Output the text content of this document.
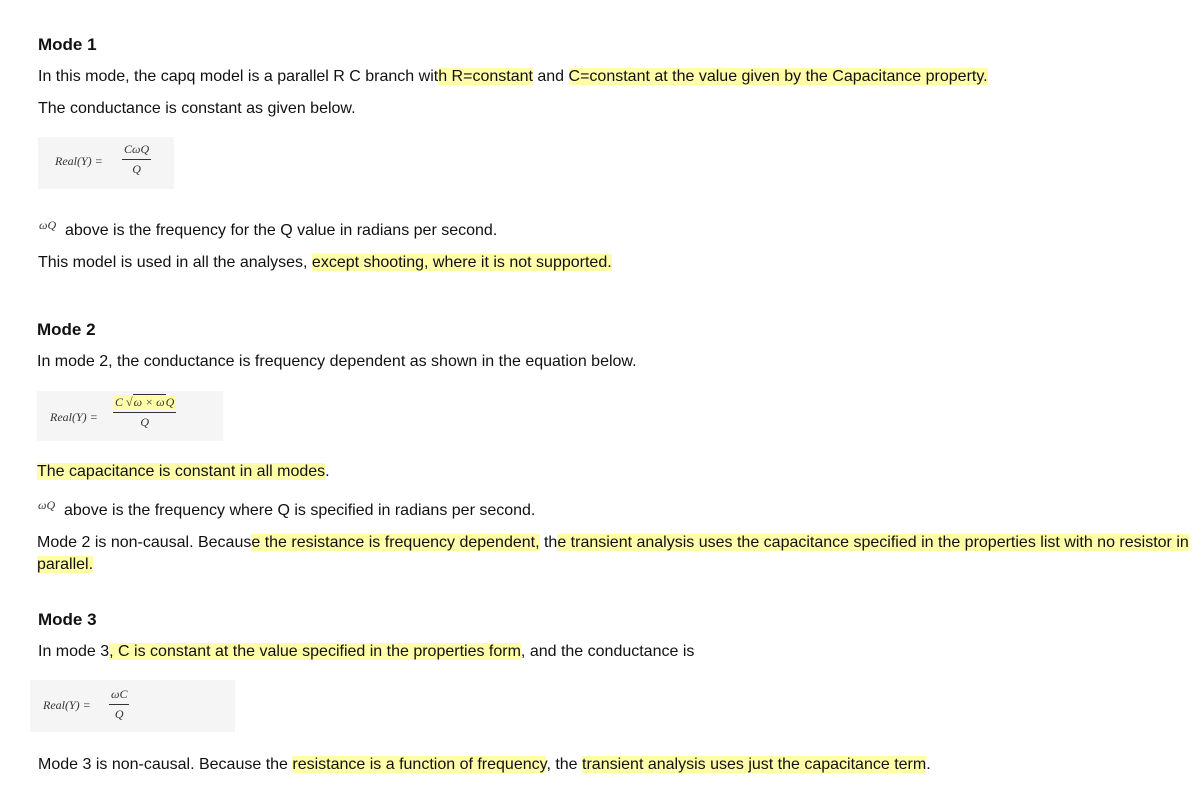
Mode 1

In this mode, the capq model is a parallel R C branch with R=constant and C=constant at the value given by the Capacitance property.

The conductance is constant as given below.

Real(Y) =
CωQ
Q
ωQ above is the frequency for the Q value in radians per second.

This model is used in all the analyses, except shooting, where it is not supported.

Mode 2

In mode 2, the conductance is frequency dependent as shown in the equation below.

Real(Y) =
C √ω × ωQ
Q

The capacitance is constant in all modes.

ωQ above is the frequency where Q is specified in radians per second.

Mode 2 is non-causal. Because the resistance is frequency dependent, the transient analysis uses the capacitance specified in the properties list with no resistor in

parallel.

Mode 3

In mode 3, C is constant at the value specified in the properties form, and the conductance is

Real(Y) =
ωC
Q

Mode 3 is non-causal. Because the resistance is a function of frequency, the transient analysis uses just the capacitance term.
